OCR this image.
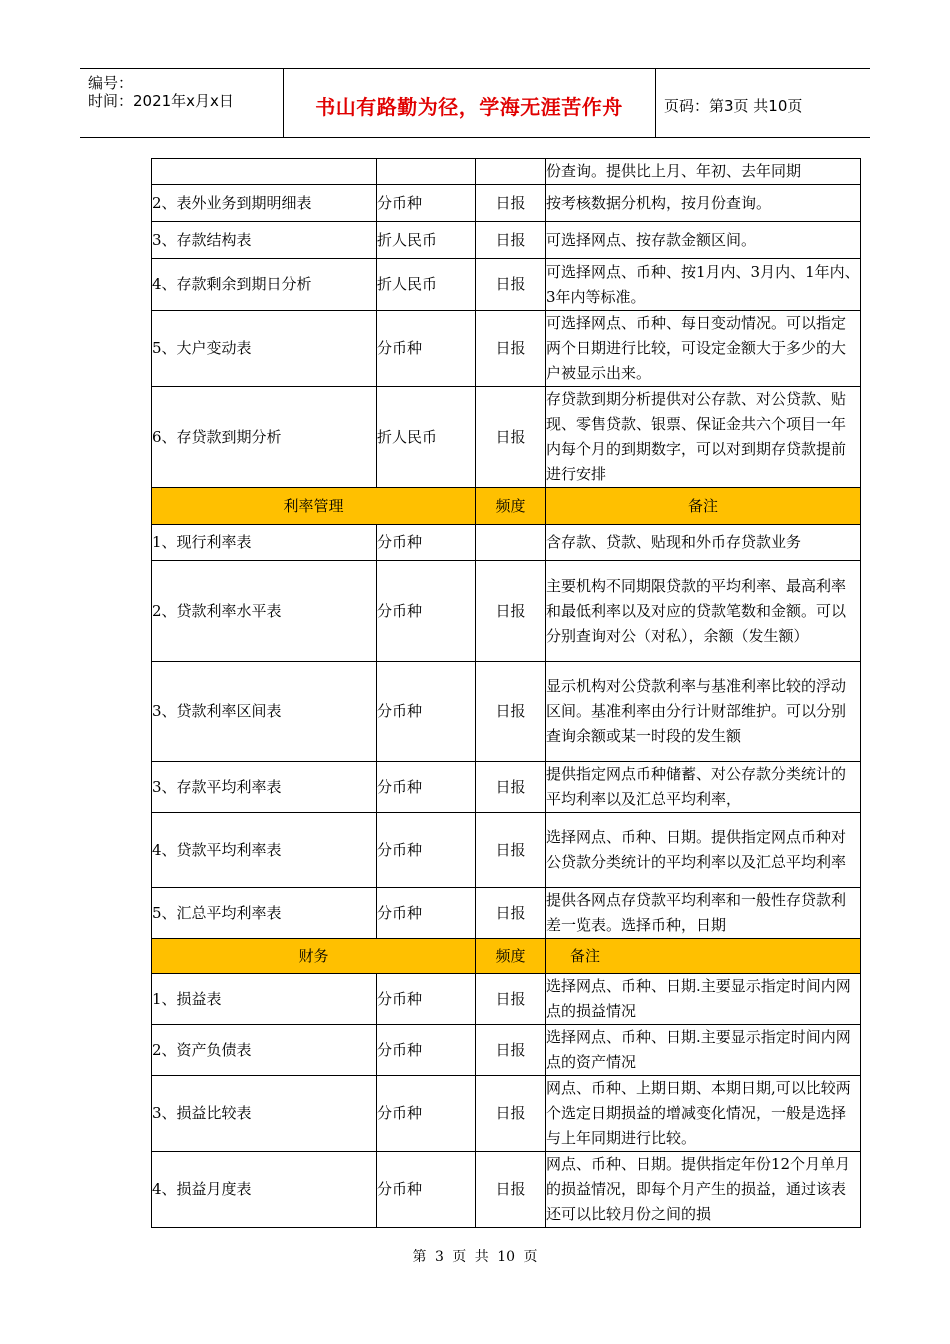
编号：
时间：2021年x月x日	书山有路勤为径，学海无涯苦作舟	页码：第3页 共10页
			份查询。提供比上月、年初、去年同期
2、表外业务到期明细表	分币种	日报	按考核数据分机构，按月份查询。
3、存款结构表	折人民币	日报	可选择网点、按存款金额区间。
4、存款剩余到期日分析	折人民币	日报	可选择网点、币种、按1月内、3月内、1年内、3年内等标准。
5、大户变动表	分币种	日报	可选择网点、币种、每日变动情况。可以指定两个日期进行比较，可设定金额大于多少的大户被显示出来。
6、存贷款到期分析	折人民币	日报	存贷款到期分析提供对公存款、对公贷款、贴现、零售贷款、银票、保证金共六个项目一年内每个月的到期数字，可以对到期存贷款提前进行安排
利率管理		频度	备注
1、现行利率表	分币种		含存款、贷款、贴现和外币存贷款业务
2、贷款利率水平表	分币种	日报	主要机构不同期限贷款的平均利率、最高利率和最低利率以及对应的贷款笔数和金额。可以分别查询对公（对私），余额（发生额）
3、贷款利率区间表	分币种	日报	显示机构对公贷款利率与基准利率比较的浮动区间。基准利率由分行计财部维护。可以分别查询余额或某一时段的发生额
3、存款平均利率表	分币种	日报	提供指定网点币种储蓄、对公存款分类统计的平均利率以及汇总平均利率，
4、贷款平均利率表	分币种	日报	选择网点、币种、日期。提供指定网点币种对公贷款分类统计的平均利率以及汇总平均利率
5、汇总平均利率表	分币种	日报	提供各网点存贷款平均利率和一般性存贷款利差一览表。选择币种，日期
财务		频度	备注
1、损益表	分币种	日报	选择网点、币种、日期.主要显示指定时间内网点的损益情况
2、资产负债表	分币种	日报	选择网点、币种、日期.主要显示指定时间内网点的资产情况
3、损益比较表	分币种	日报	网点、币种、上期日期、本期日期,可以比较两个选定日期损益的增减变化情况，一般是选择与上年同期进行比较。
4、损益月度表	分币种	日报	网点、币种、日期。提供指定年份12个月单月的损益情况，即每个月产生的损益，通过该表还可以比较月份之间的损
第 3 页 共 10 页
